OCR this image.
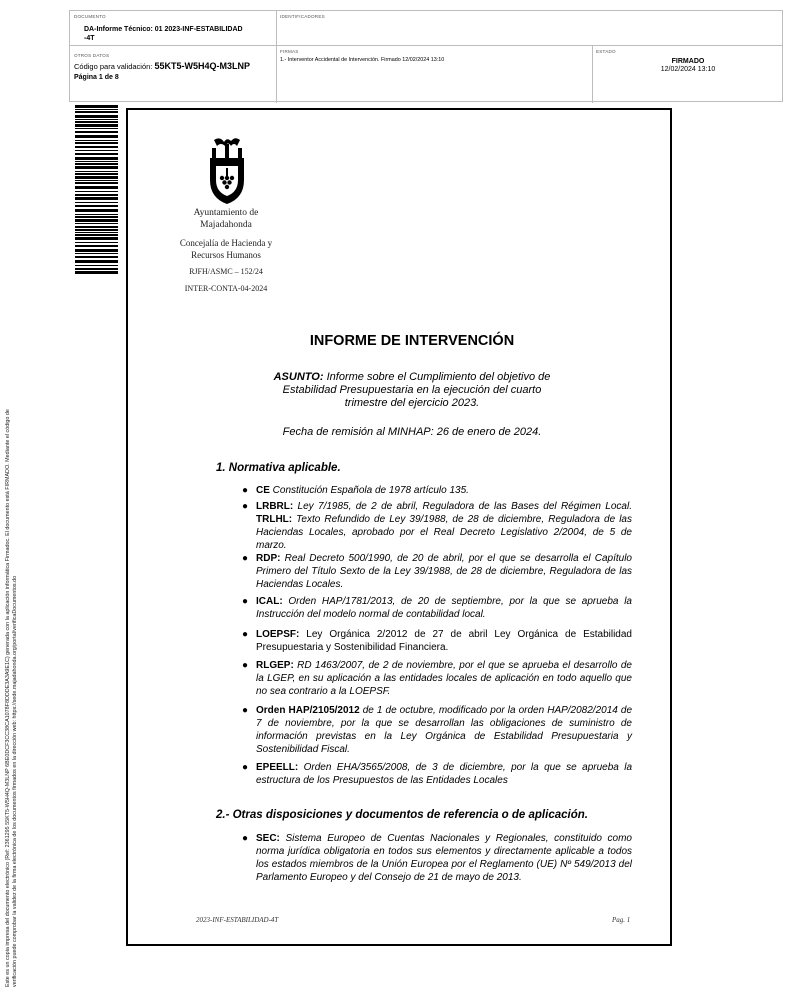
DOCUMENTO
DA-Informe Técnico: 01 2023-INF-ESTABILIDAD
-4T
IDENTIFICADORES
OTROS DATOS
Código para validación: 55KT5-W5H4Q-M3LNP
Página 1 de 8
FIRMAS
1.- Interventor Accidental de Intervención. Firmado 12/02/2024 13:10
ESTADO
FIRMADO
12/02/2024 13:10
Este es un copia impresa del documento electrónico (Ref: 2361295 55KT5-W5H4Q-M3LNP 6BE0DCF3CC38CA1078F8DDDE3A3A9E1C) generada con la aplicación informática Firmadoc. El documento está FIRMADO. Mediante el código de verificación puede comprobar la validez de la firma electrónica de los documentos firmados en la dirección web: https://sede.majadahonda.org/portal/verificaDocumentos.do
Ayuntamiento de
Majadahonda
Concejalía de Hacienda y
Recursos Humanos
RJFH/ASMC – 152/24
INTER-CONTA-04-2024
INFORME DE INTERVENCIÓN
ASUNTO: Informe sobre el Cumplimiento del objetivo de
Estabilidad Presupuestaria en la ejecución del cuarto
trimestre del ejercicio 2023.
Fecha de remisión al MINHAP: 26 de enero de 2024.
1. Normativa aplicable.
● CE Constitución Española de 1978 artículo 135.
● LRBRL: Ley 7/1985, de 2 de abril, Reguladora de las Bases del Régimen Local. TRLHL: Texto Refundido de Ley 39/1988, de 28 de diciembre, Reguladora de las Haciendas Locales, aprobado por el Real Decreto Legislativo 2/2004, de 5 de marzo.
● RDP: Real Decreto 500/1990, de 20 de abril, por el que se desarrolla el Capítulo Primero del Título Sexto de la Ley 39/1988, de 28 de diciembre, Reguladora de las Haciendas Locales.
● ICAL: Orden HAP/1781/2013, de 20 de septiembre, por la que se aprueba la Instrucción del modelo normal de contabilidad local.
● LOEPSF: Ley Orgánica 2/2012 de 27 de abril Ley Orgánica de Estabilidad Presupuestaria y Sostenibilidad Financiera.
● RLGEP: RD 1463/2007, de 2 de noviembre, por el que se aprueba el desarrollo de la LGEP, en su aplicación a las entidades locales de aplicación en todo aquello que no sea contrario a la LOEPSF.
● Orden HAP/2105/2012 de 1 de octubre, modificado por la orden HAP/2082/2014 de 7 de noviembre, por la que se desarrollan las obligaciones de suministro de información previstas en la Ley Orgánica de Estabilidad Presupuestaria y Sostenibilidad Fiscal.
● EPEELL: Orden EHA/3565/2008, de 3 de diciembre, por la que se aprueba la estructura de los Presupuestos de las Entidades Locales
2.- Otras disposiciones y documentos de referencia o de aplicación.
● SEC: Sistema Europeo de Cuentas Nacionales y Regionales, constituido como norma jurídica obligatoria en todos sus elementos y directamente aplicable a todos los estados miembros de la Unión Europea por el Reglamento (UE) Nº 549/2013 del Parlamento Europeo y del Consejo de 21 de mayo de 2013.
2023-INF-ESTABILIDAD-4T	Pag. 1
